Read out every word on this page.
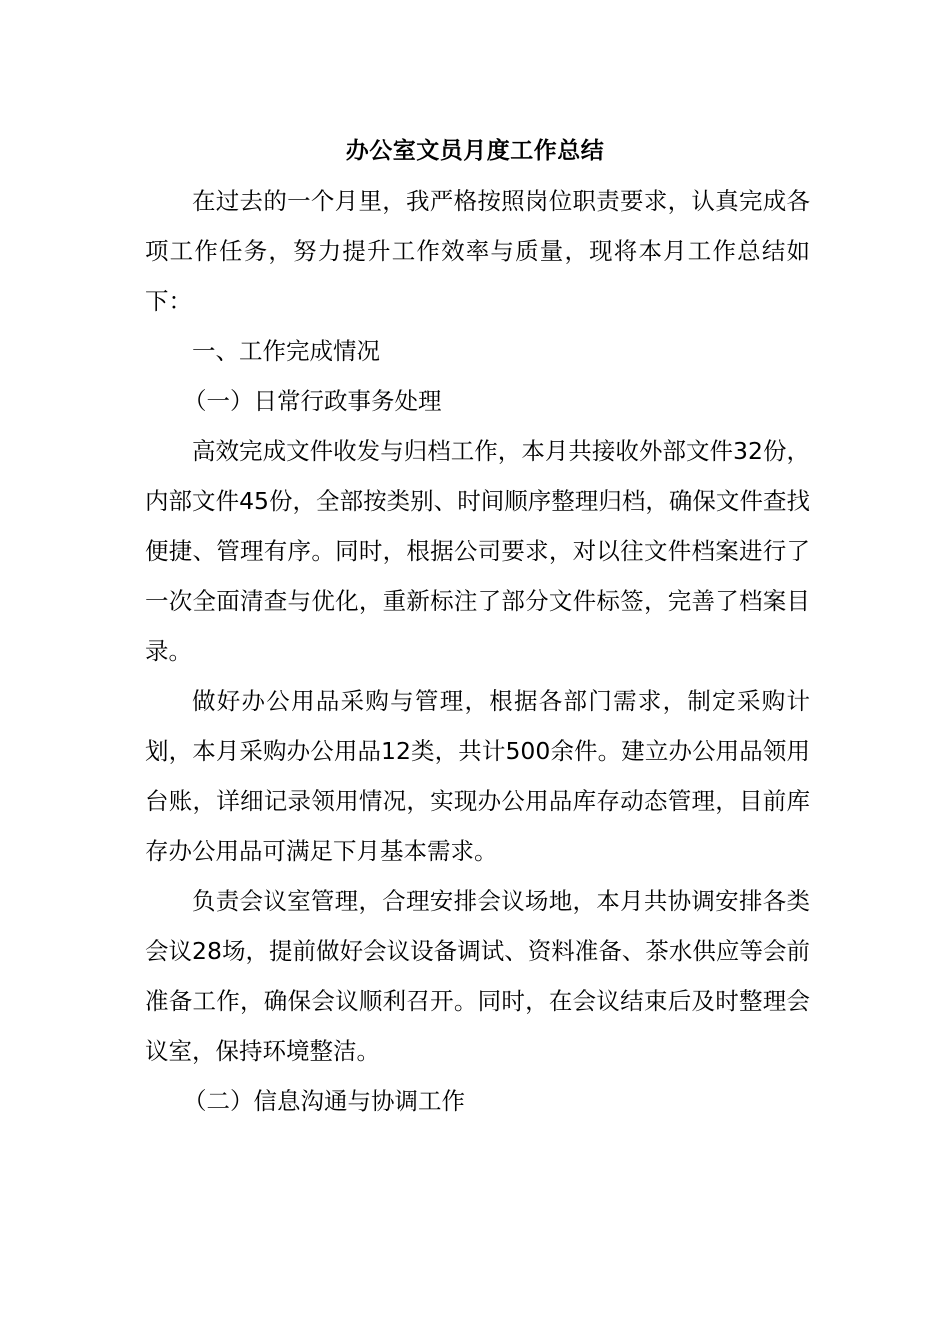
办公室文员月度工作总结

在过去的一个月里，我严格按照岗位职责要求，认真完成各项工作任务，努力提升工作效率与质量，现将本月工作总结如下：

一、工作完成情况

（一）日常行政事务处理

高效完成文件收发与归档工作，本月共接收外部文件32份，内部文件45份，全部按类别、时间顺序整理归档，确保文件查找便捷、管理有序。同时，根据公司要求，对以往文件档案进行了一次全面清查与优化，重新标注了部分文件标签，完善了档案目录。

做好办公用品采购与管理，根据各部门需求，制定采购计划，本月采购办公用品12类，共计500余件。建立办公用品领用台账，详细记录领用情况，实现办公用品库存动态管理，目前库存办公用品可满足下月基本需求。

负责会议室管理，合理安排会议场地，本月共协调安排各类会议28场，提前做好会议设备调试、资料准备、茶水供应等会前准备工作，确保会议顺利召开。同时，在会议结束后及时整理会议室，保持环境整洁。

（二）信息沟通与协调工作
